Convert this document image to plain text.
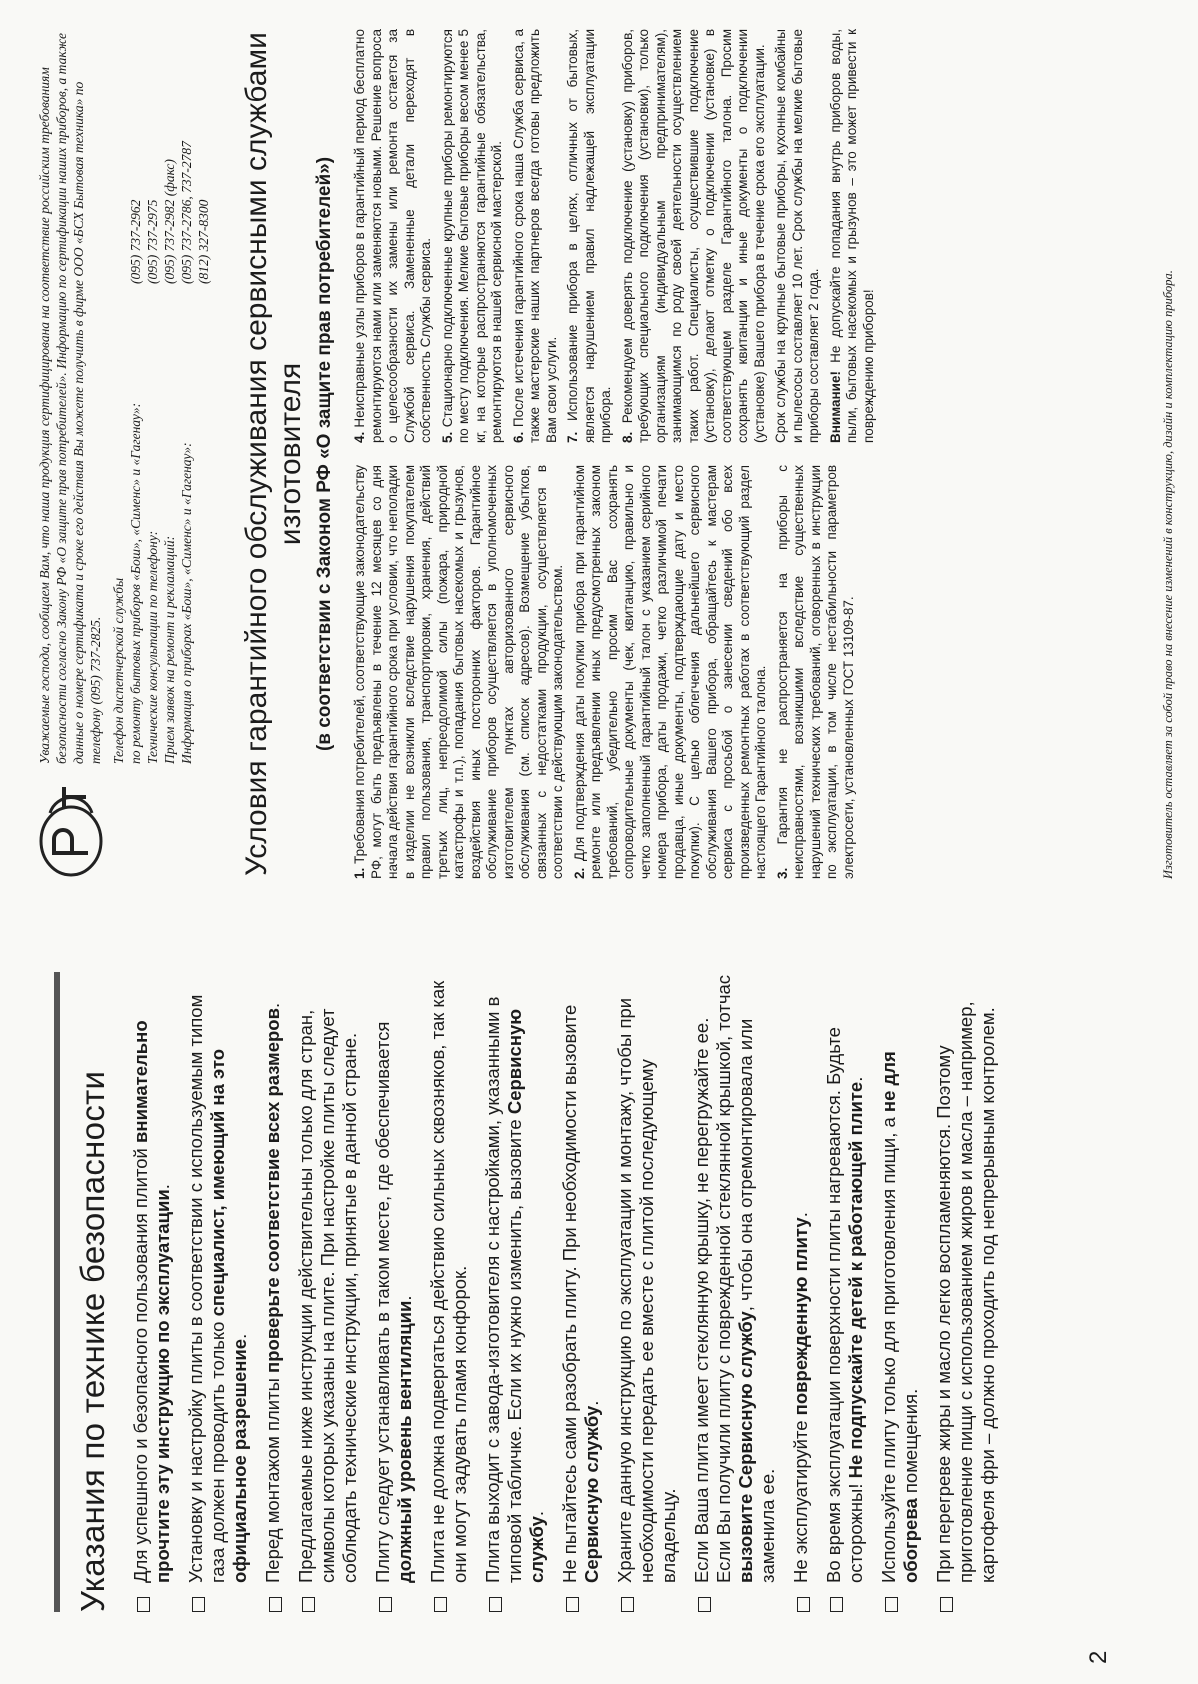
2
Указания по технике безопасности Для успешного и безопасного пользования плитой внимательно прочтите эту инструкцию по эксплуатации. Установку и настройку плиты в соответствии с используемым типом газа должен проводить только специалист, имеющий на это официальное разрешение.
Перед монтажом плиты проверьте соответствие всех размеров.
Предлагаемые ниже инструкции действительны только для стран, символы которых указаны на плите. При настройке плиты следует соблюдать технические инструкции, принятые в данной стране. Плиту следует устанавливать в таком месте, где обеспечивается должный уровень вентиляции. Плита не должна подвергаться действию сильных сквозняков, так как они могут задувать пламя конфорок. Плита выходит с завода-изготовителя с настройками, указанными в типовой табличке. Если их нужно изменить, вызовите Сервисную службу. Не пытайтесь сами разобрать плиту. При необходимости вызовите Сервисную службу. Храните данную инструкцию по эксплуатации и монтажу, чтобы при необходимости передать ее вместе с плитой последующему владельцу. Если Ваша плита имеет стеклянную крышку, не перегружайте ее. Если Вы получили плиту с поврежденной стеклянной крышкой, тотчас вызовите Сервисную службу, чтобы она отремонтировала или заменила ее. Не эксплуатируйте поврежденную плиту. Во время эксплуатации поверхности плиты нагреваются. Будьте осторожны! Не подпускайте детей к работающей плите.
Используйте плиту только для приготовления пищи, а не для обогрева помещения. При перегреве жиры и масло легко воспламеняются. Поэтому приготовление пищи с использованием жиров и масла – например, картофеля фри – должно проходить под непрерывным контролем.
Уважаемые господа, сообщаем Вам, что наша продукция сертифицирована на соответствие российским требованиям безопасности согласно Закону РФ «О защите прав потребителей». Информацию по сертификации наших приборов, а также данные о номере сертификата и сроке его действия Вы можете получить в фирме ООО «БСХ Бытовая техника» по телефону (095) 737-2825. Телефон диспетчерской службы по ремонту бытовых приборов «Бош», «Сименс» и «Гагенау»:
(095) 737-2962
Технические консультации по телефону:
(095) 737-2975
Прием заявок на ремонт и рекламаций:
(095) 737-2982 (факс)
Информация о приборах «Бош», «Сименс» и «Гагенау»:
(095) 737-2786, 737-2787 (812) 327-8300 Условия гарантийного обслуживания сервисными службами изготовителя (в соответствии с Законом РФ «О защите прав потребителей»)

1. Требования потребителей, соответствующие законодательству РФ, могут быть предъявлены в течение 12 месяцев со дня начала действия гарантийного срока при условии, что неполадки в изделии не возникли вследствие нарушения покупателем правил пользования, транспортировки, хранения, действий третьих лиц, непреодолимой силы (пожара, природной катастрофы и т.п.), попадания бытовых насекомых и грызунов, воздействия иных посторонних факторов. Гарантийное обслуживание приборов осуществляется в уполномоченных изготовителем пунктах авторизованного сервисного обслуживания (см. список адресов). Возмещение убытков, связанных с недостатками продукции, осуществляется в соответствии с действующим законодательством. 2. Для подтверждения даты покупки прибора при гарантийном ремонте или предъявлении иных предусмотренных законом требований, убедительно просим Вас сохранять сопроводительные документы (чек, квитанцию, правильно и четко заполненный гарантийный талон с указанием серийного номера прибора, даты продажи, четко различимой печати продавца, иные документы, подтверждающие дату и место покупки). С целью облегчения дальнейшего сервисного обслуживания Вашего прибора, обращайтесь к мастерам сервиса с просьбой о занесении сведений обо всех произведенных ремонтных работах в соответствующий раздел настоящего Гарантийного талона. 3. Гарантия не распространяется на приборы с неисправностями, возникшими вследствие существенных нарушений технических требований, оговоренных в инструкции по эксплуатации, в том числе нестабильности параметров электросети, установленных ГОСТ 13109-87.

4. Неисправные узлы приборов в гарантийный период бесплатно ремонтируются нами или заменяются новыми. Решение вопроса о целесообразности их замены или ремонта остается за Службой сервиса. Замененные детали переходят в собственность Службы сервиса. 5. Стационарно подключенные крупные приборы ремонтируются по месту подключения. Мелкие бытовые приборы весом менее 5 кг, на которые распространяются гарантийные обязательства, ремонтируются в нашей сервисной мастерской. 6. После истечения гарантийного срока наша Служба сервиса, а также мастерские наших партнеров всегда готовы предложить Вам свои услуги. 7. Использование прибора в целях, отличных от бытовых, является нарушением правил надлежащей эксплуатации прибора. 8. Рекомендуем доверять подключение (установку) приборов, требующих специального подключения (установки), только организациям (индивидуальным предпринимателям), занимающимся по роду своей деятельности осуществлением таких работ. Специалисты, осуществившие подключение (установку), делают отметку о подключении (установке) в соответствующем разделе Гарантийного талона. Просим сохранять квитанции и иные документы о подключении (установке) Вашего прибора в течение срока его эксплуатации. Срок службы на крупные бытовые приборы, кухонные комбайны и пылесосы составляет 10 лет. Срок службы на мелкие бытовые приборы составляет 2 года. Внимание! Не допускайте попадания внутрь приборов воды, пыли, бытовых насекомых и грызунов – это может привести к повреждению приборов!	Изготовитель оставляет за собой право на внесение изменений в конструкцию, дизайн и комплектацию прибора.
